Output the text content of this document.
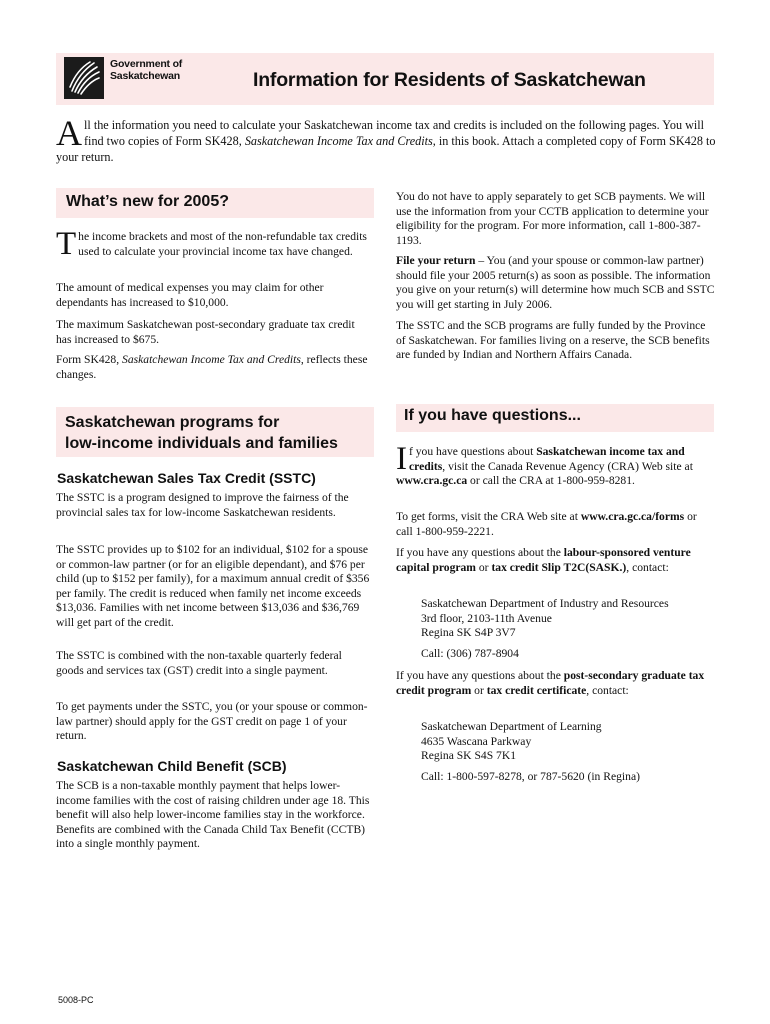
Government of
Saskatchewan	Information for Residents of Saskatchewan
All the information you need to calculate your Saskatchewan income tax and credits is included on the following pages. You will find two copies of Form SK428, Saskatchewan Income Tax and Credits, in this book. Attach a completed copy of Form SK428 to your return.
What’s new for 2005?
The income brackets and most of the non-refundable tax credits used to calculate your provincial income tax have changed.

The amount of medical expenses you may claim for other dependants has increased to $10,000.

The maximum Saskatchewan post-secondary graduate tax credit has increased to $675.

Form SK428, Saskatchewan Income Tax and Credits, reflects these changes.
Saskatchewan programs for
low-income individuals and families
Saskatchewan Sales Tax Credit (SSTC)

The SSTC is a program designed to improve the fairness of the provincial sales tax for low-income Saskatchewan residents.

The SSTC provides up to $102 for an individual, $102 for a spouse or common-law partner (or for an eligible dependant), and $76 per child (up to $152 per family), for a maximum annual credit of $356 per family. The credit is reduced when family net income exceeds $13,036. Families with net income between $13,036 and $36,769 will get part of the credit.

The SSTC is combined with the non-taxable quarterly federal goods and services tax (GST) credit into a single payment.

To get payments under the SSTC, you (or your spouse or common-law partner) should apply for the GST credit on page 1 of your return.

Saskatchewan Child Benefit (SCB)

The SCB is a non-taxable monthly payment that helps lower-income families with the cost of raising children under age 18. This benefit will also help lower-income families stay in the workforce. Benefits are combined with the Canada Child Tax Benefit (CCTB) into a single monthly payment.

You do not have to apply separately to get SCB payments. We will use the information from your CCTB application to determine your eligibility for the program. For more information, call 1-800-387-1193.

File your return – You (and your spouse or common-law partner) should file your 2005 return(s) as soon as possible. The information you give on your return(s) will determine how much SCB and SSTC you will get starting in July 2006.

The SSTC and the SCB programs are fully funded by the Province of Saskatchewan. For families living on a reserve, the SCB benefits are funded by Indian and Northern Affairs Canada.

If you have questions...
If you have questions about Saskatchewan income tax and credits, visit the Canada Revenue Agency (CRA) Web site at www.cra.gc.ca or call the CRA at 1-800-959-8281.
To get forms, visit the CRA Web site at www.cra.gc.ca/forms or call 1-800-959-2221.
If you have any questions about the labour-sponsored venture capital program or tax credit Slip T2C(SASK.), contact:
Saskatchewan Department of Industry and Resources
3rd floor, 2103-11th Avenue
Regina SK S4P 3V7

Call: (306) 787-8904

If you have any questions about the post-secondary graduate tax credit program or tax credit certificate, contact:
Saskatchewan Department of Learning
4635 Wascana Parkway
Regina SK S4S 7K1

Call: 1-800-597-8278, or 787-5620 (in Regina)

5008-PC
